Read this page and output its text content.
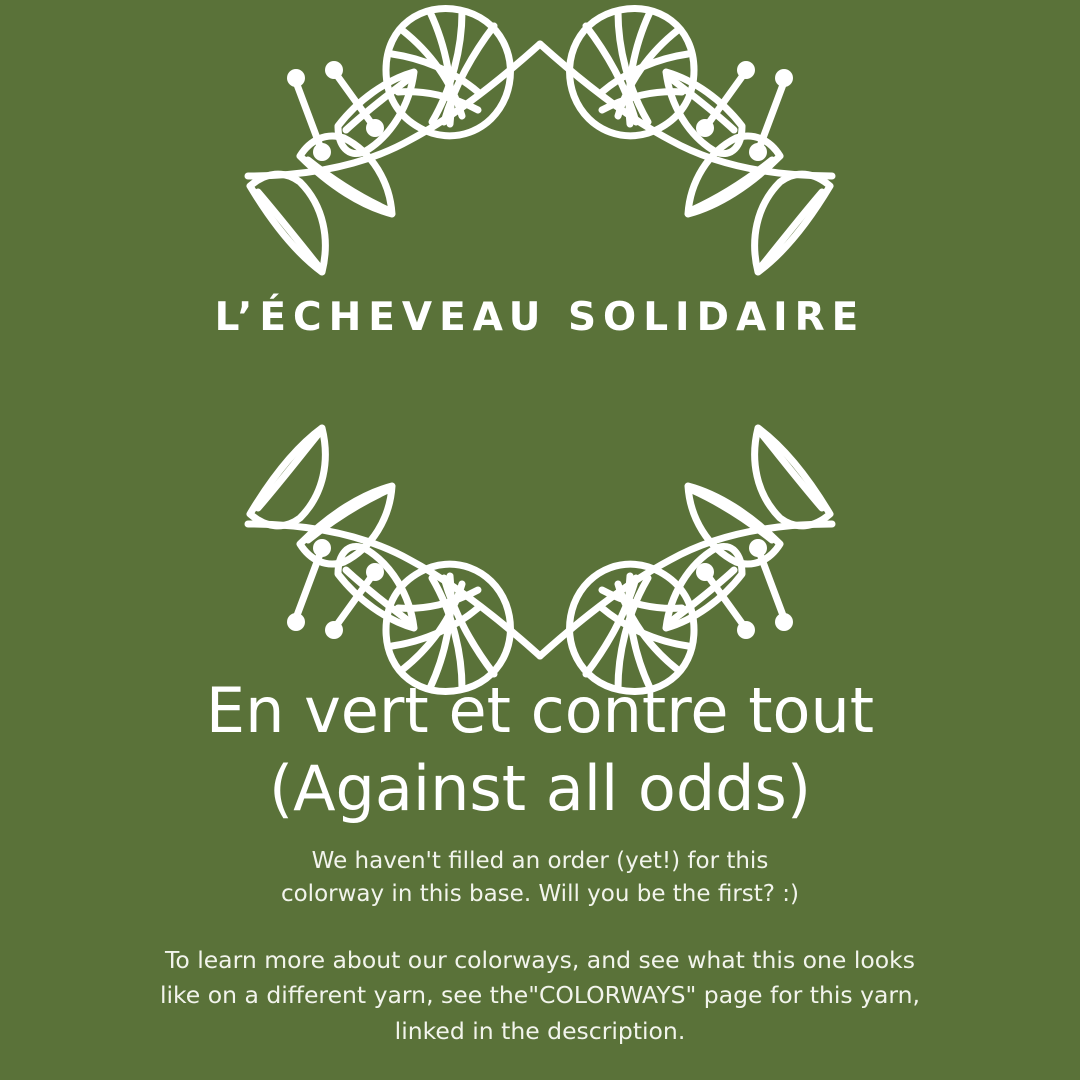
L’ÉCHEVEAU SOLIDAIRE
En vert et contre tout
(Against all odds)
We haven't filled an order (yet!) for this
colorway in this base. Will you be the first? :)
To learn more about our colorways, and see what this one looks
like on a different yarn, see the"COLORWAYS" page for this yarn,
linked in the description.
